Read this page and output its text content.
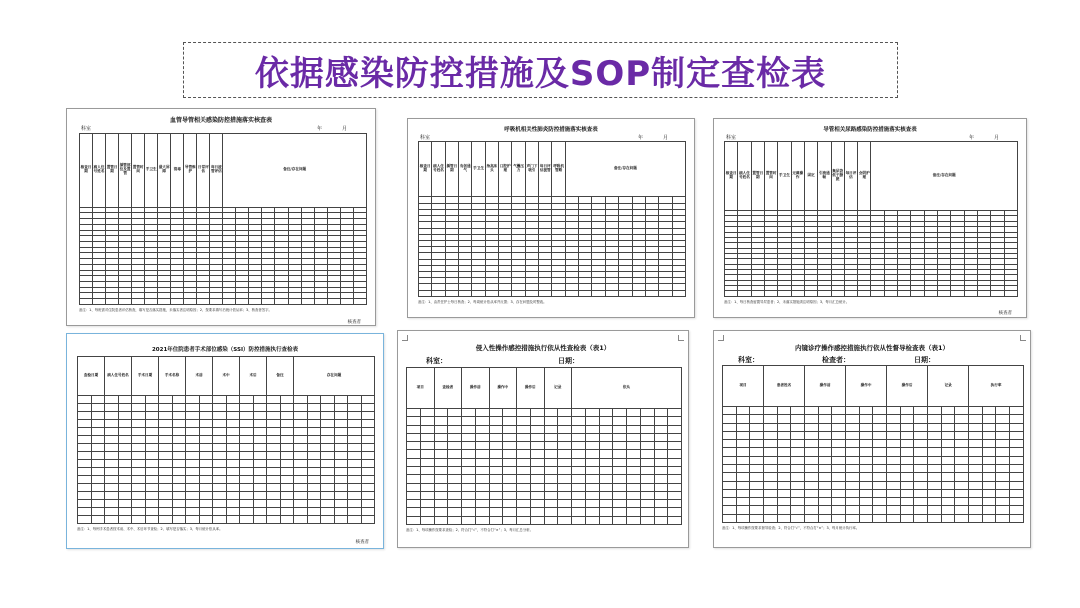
依据感染防控措施及SOP制定查检表
血管导管相关感染防控措施落实核查表
科室	年	月
核查日期	病人住号姓名	置管日期	插管部位及置管	置管时间	手卫生	最大屏障	消毒	导管维护	日常评估	每日拔管评估	备注/存在问题										

备注：1、每班需对住院患者评估核查，填写是否落实措施，未落实者注明原因；2、按要求填写后统计依从率；3、核查者签字。
核查者
呼吸机相关性肺炎防控措施落实核查表
科室	年	月
核查日期	病人住号姓名	插管日期	有创通气	手卫生	抬高床头	口腔护理	气囊压力	声门下吸引	每日评估拔管	呼吸机管路	备注/存在问题								

备注：1、由责任护士每日核查；2、每周统计依从率并反馈；3、存在问题及时整改。
导管相关尿路感染防控措施落实核查表
科室	年	月
核查日期	病人住号姓名	置管日期	置管时间	手卫生	无菌操作	固定	引流通畅	集尿袋低于膀胱	每日评估	会阴护理	备注/存在问题										

备注：1、每日核查留置导尿患者；2、未落实措施须注明原因；3、每月汇总统计。
核查者
2021年住院患者手术部位感染（SSI）防控措施执行查检表
查检日期		病人住号姓名		手术日期		手术名称		术前		术中		术后		备注		存在问题					

备注：1、每例手术患者按术前、术中、术后环节查检；2、填写是否落实；3、每月统计依从率。
核查者
侵入性操作感控措施执行依从性查检表（表1）
科室：	日期：
项目		查检者		操作前		操作中		操作后		记录		依从							

备注：1、每项操作按要求查检；2、符合打“√”，不符合打“×”；3、每月汇总分析。
内镜诊疗操作感控措施执行依从性督导检查表（表1）
科室：	检查者：	日期：
项目			患者姓名			操作前			操作中			操作后			记录			执行率			

备注：1、每项操作按要求督导检查；2、符合打“√”，不符合打“×”；3、每月统计执行率。
